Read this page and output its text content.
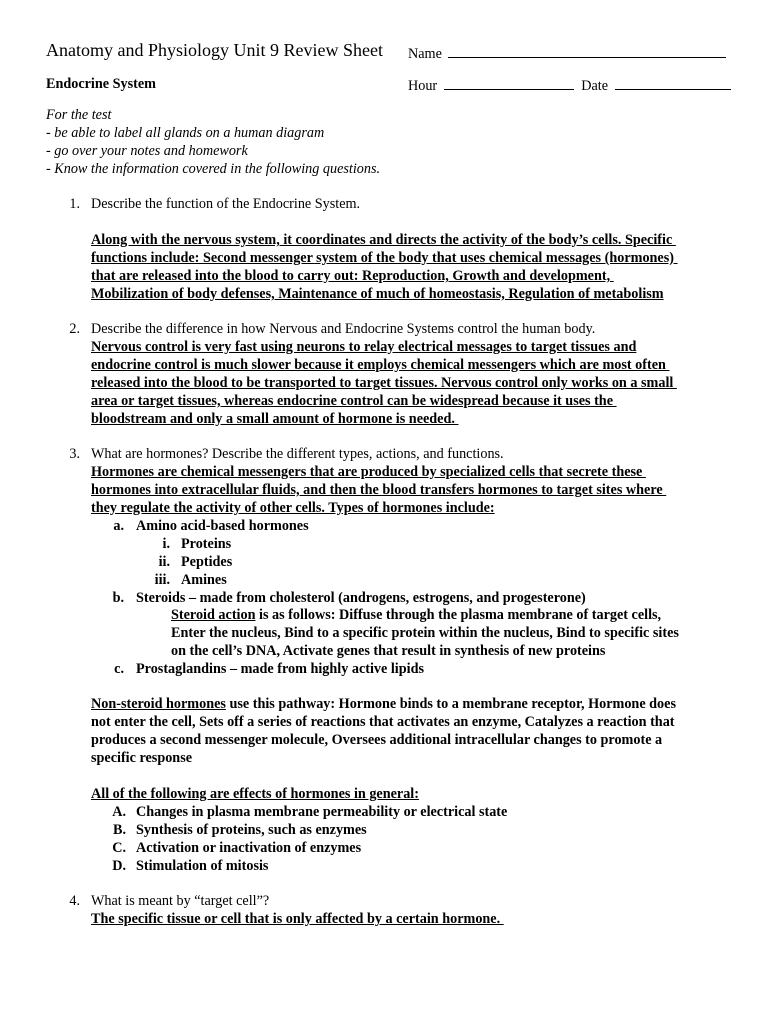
Anatomy and Physiology Unit 9 Review Sheet Name
Endocrine System	Hour	Date
For the test
- be able to label all glands on a human diagram
- go over your notes and homework
- Know the information covered in the following questions.
1. Describe the function of the Endocrine System.
Along with the nervous system, it coordinates and directs the activity of the body’s cells. Specific
functions include: Second messenger system of the body that uses chemical messages (hormones)
that are released into the blood to carry out: Reproduction, Growth and development,
Mobilization of body defenses, Maintenance of much of homeostasis, Regulation of metabolism
2. Describe the difference in how Nervous and Endocrine Systems control the human body.
Nervous control is very fast using neurons to relay electrical messages to target tissues and
endocrine control is much slower because it employs chemical messengers which are most often
released into the blood to be transported to target tissues. Nervous control only works on a small
area or target tissues, whereas endocrine control can be widespread because it uses the
bloodstream and only a small amount of hormone is needed.
3. What are hormones? Describe the different types, actions, and functions.
Hormones are chemical messengers that are produced by specialized cells that secrete these
hormones into extracellular fluids, and then the blood transfers hormones to target sites where
they regulate the activity of other cells. Types of hormones include:
a. Amino acid-based hormones
i. Proteins
ii. Peptides
iii. Amines
b. Steroids – made from cholesterol (androgens, estrogens, and progesterone)
Steroid action is as follows: Diffuse through the plasma membrane of target cells,
Enter the nucleus, Bind to a specific protein within the nucleus, Bind to specific sites
on the cell’s DNA, Activate genes that result in synthesis of new proteins
c. Prostaglandins – made from highly active lipids
Non-steroid hormones use this pathway: Hormone binds to a membrane receptor, Hormone does
not enter the cell, Sets off a series of reactions that activates an enzyme, Catalyzes a reaction that
produces a second messenger molecule, Oversees additional intracellular changes to promote a
specific response
All of the following are effects of hormones in general:
A. Changes in plasma membrane permeability or electrical state
B. Synthesis of proteins, such as enzymes
C. Activation or inactivation of enzymes
D. Stimulation of mitosis
4. What is meant by “target cell”?
The specific tissue or cell that is only affected by a certain hormone.
